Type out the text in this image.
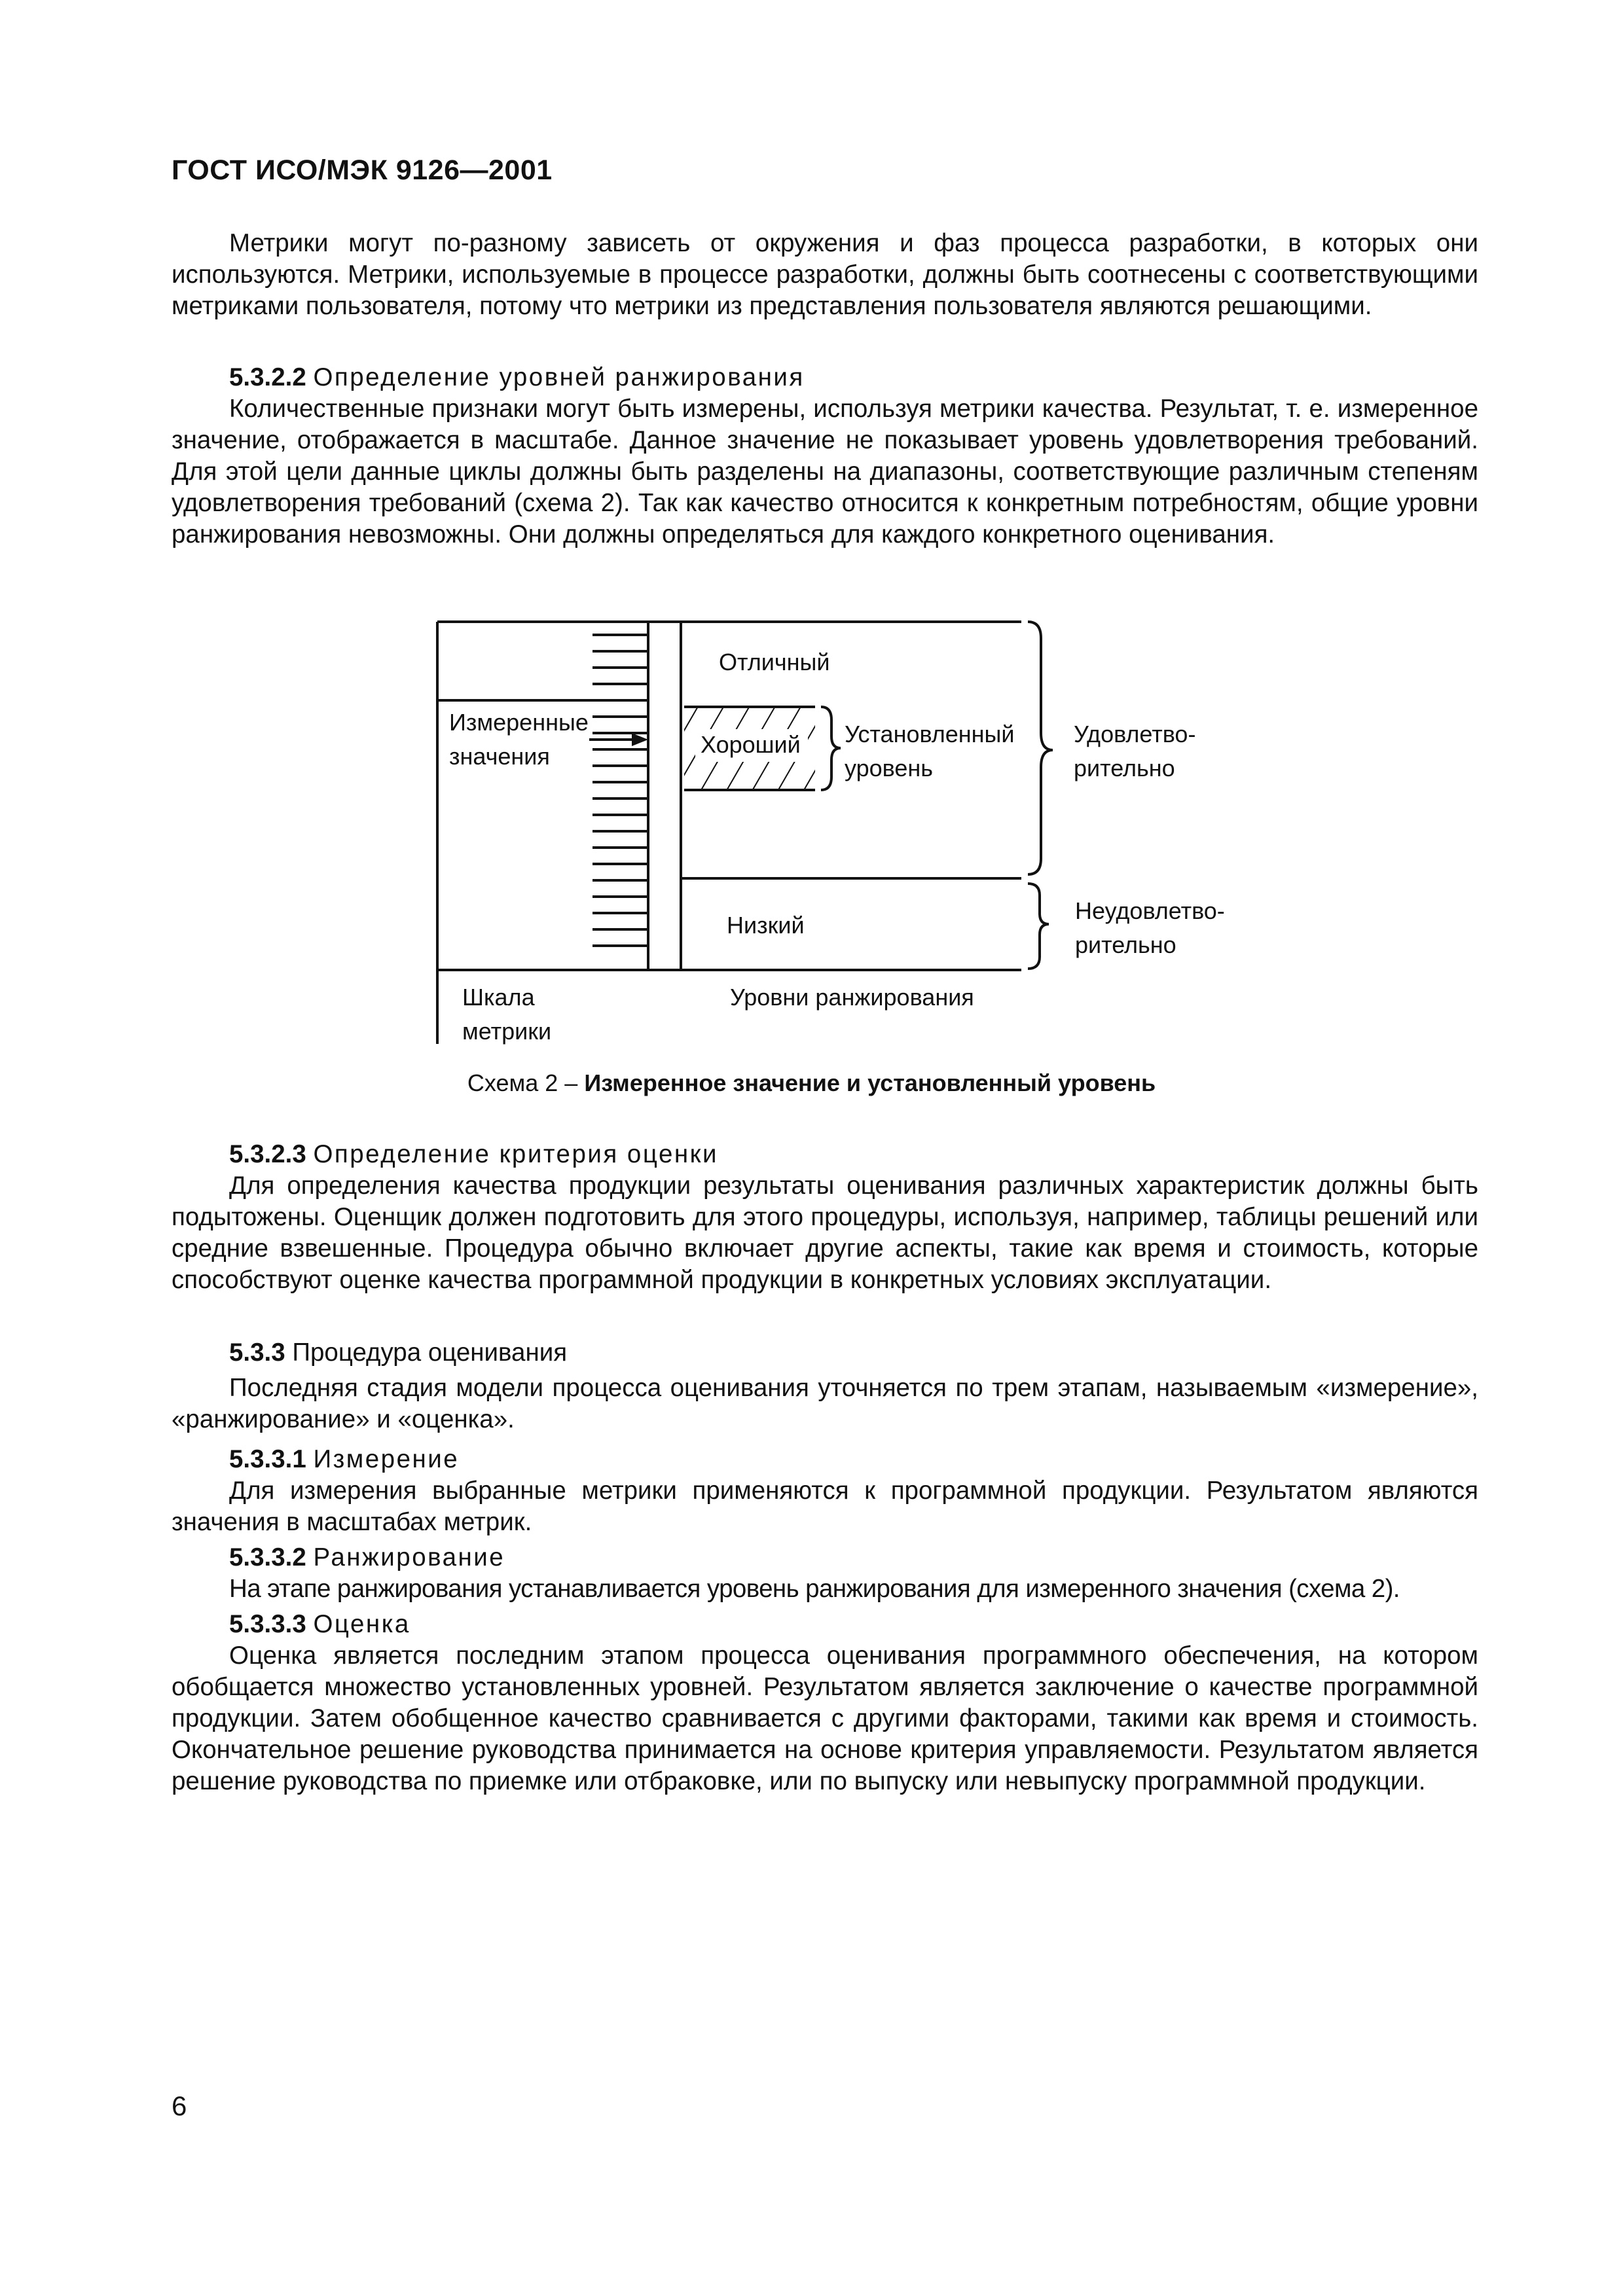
ГОСТ ИСО/МЭК 9126—2001

Метрики могут по-разному зависеть от окружения и фаз процесса разработки, в которых они используются. Метрики, используемые в процессе разработки, должны быть соотнесены с соответствующими метриками пользователя, потому что метрики из представления пользователя являются решающими.

5.3.2.2 Определение уровней ранжирования

Количественные признаки могут быть измерены, используя метрики качества. Результат, т. е. измеренное значение, отображается в масштабе. Данное значение не показывает уровень удовлетворения требований. Для этой цели данные циклы должны быть разделены на диапазоны, соответствующие различным степеням удовлетворения требований (схема 2). Так как качество относится к конкретным потребностям, общие уровни ранжирования невозможны. Они должны определяться для каждого конкретного оценивания.

Отличный
Хороший
Низкий
Измеренные
значения
Установленный
уровень
Удовлетво-
рительно
Неудовлетво-
рительно
Шкала
метрики
Уровни ранжирования

Схема 2 – Измеренное значение и установленный уровень

5.3.2.3 Определение критерия оценки

Для определения качества продукции результаты оценивания различных характеристик должны быть подытожены. Оценщик должен подготовить для этого процедуры, используя, например, таблицы решений или средние взвешенные. Процедура обычно включает другие аспекты, такие как время и стоимость, которые способствуют оценке качества программной продукции в конкретных условиях эксплуатации.

5.3.3 Процедура оценивания

Последняя стадия модели процесса оценивания уточняется по трем этапам, называемым «измерение», «ранжирование» и «оценка».

5.3.3.1 Измерение

Для измерения выбранные метрики применяются к программной продукции. Результатом являются значения в масштабах метрик.

5.3.3.2 Ранжирование

На этапе ранжирования устанавливается уровень ранжирования для измеренного значения (схема 2).

5.3.3.3 Оценка

Оценка является последним этапом процесса оценивания программного обеспечения, на котором обобщается множество установленных уровней. Результатом является заключение о качестве программной продукции. Затем обобщенное качество сравнивается с другими факторами, такими как время и стоимость. Окончательное решение руководства принимается на основе критерия управляемости. Результатом является решение руководства по приемке или отбраковке, или по выпуску или невыпуску программной продукции.

6
